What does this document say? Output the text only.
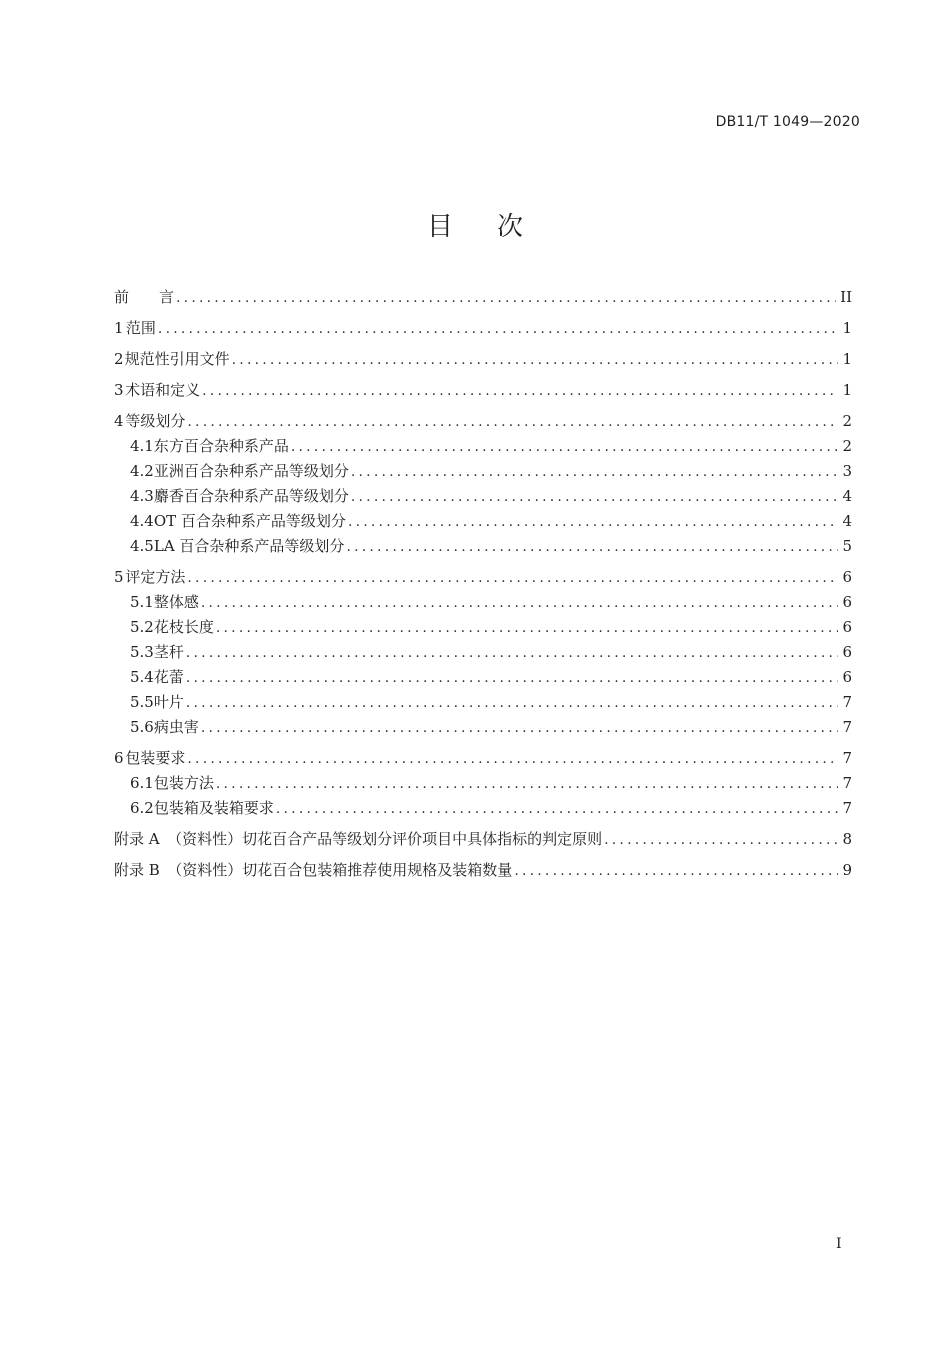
DB11/T 1049—2020
目次
前　　言 .....	II
1 范围 .....	1
2 规范性引用文件 .....	1
3 术语和定义 .....	1
4 等级划分 .....	2
4.1 东方百合杂种系产品 .....	2
4.2 亚洲百合杂种系产品等级划分 .....	3
4.3 麝香百合杂种系产品等级划分 .....	4
4.4 OT 百合杂种系产品等级划分 .....	4
4.5 LA 百合杂种系产品等级划分 .....	5
5 评定方法 .....	6
5.1 整体感 .....	6
5.2 花枝长度 .....	6
5.3 茎秆 .....	6
5.4 花蕾 .....	6
5.5 叶片 .....	7
5.6 病虫害 .....	7
6 包装要求 .....	7
6.1 包装方法 .....	7
6.2 包装箱及装箱要求 .....	7
附录 A　（资料性） 切花百合产品等级划分评价项目中具体指标的判定原则 .....	8
附录 B　（资料性） 切花百合包装箱推荐使用规格及装箱数量 .....	9
I
